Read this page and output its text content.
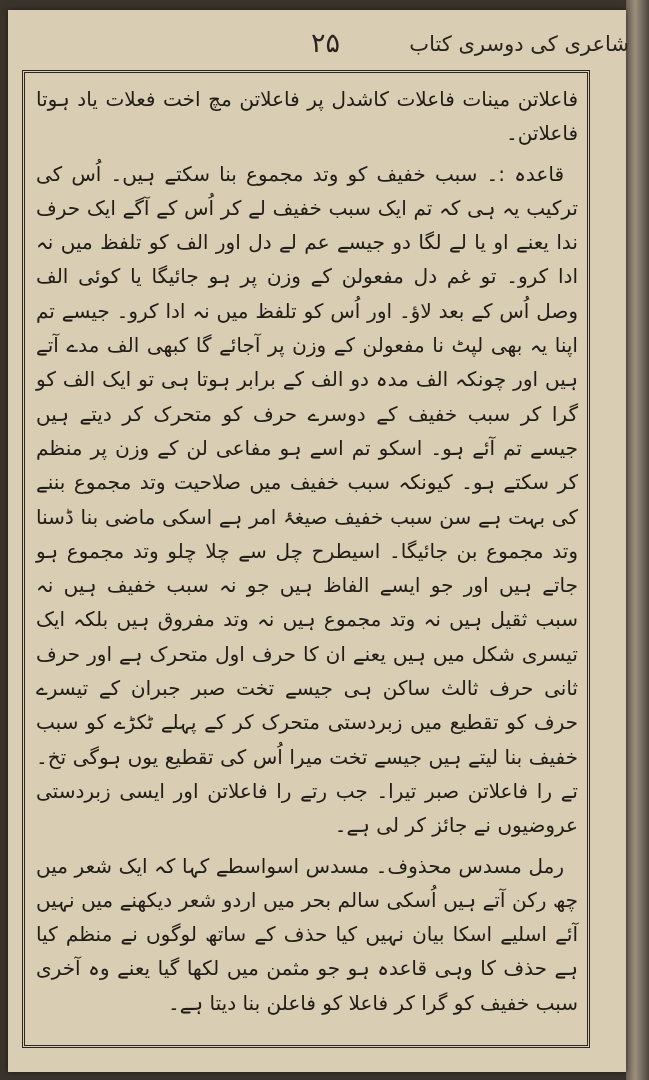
شاعری کی دوسری کتاب
۲۵

فاعلاتن مینات فاعلات کاشدل پر فاعلاتن مچ اخت فعلات یاد ہوتا فاعلاتن۔

قاعدہ :۔ سبب خفیف کو وتد مجموع بنا سکتے ہیں۔ اُس کی ترکیب یہ ہی کہ تم ایک سبب خفیف لے کر اُس کے آگے ایک حرف ندا یعنے او یا لے لگا دو جیسے عم لے دل اور الف کو تلفظ میں نہ ادا کرو۔ تو غم دل مفعولن کے وزن پر ہو جائیگا یا کوئی الف وصل اُس کے بعد لاؤ۔ اور اُس کو تلفظ میں نہ ادا کرو۔ جیسے تم اپنا یہ بھی لپٹ نا مفعولن کے وزن پر آجائے گا کبھی الف مدے آتے ہیں اور چونکہ الف مدہ دو الف کے برابر ہوتا ہی تو ایک الف کو گرا کر سبب خفیف کے دوسرے حرف کو متحرک کر دیتے ہیں جیسے تم آئے ہو۔ اسکو تم اسے ہو مفاعی لن کے وزن پر منظم کر سکتے ہو۔ کیونکہ سبب خفیف میں صلاحیت وتد مجموع بننے کی بہت ہے سن سبب خفیف صیغۂ امر ہے اسکی ماضی بنا ڈسنا وتد مجموع بن جائیگا۔ اسیطرح چل سے چلا چلو وتد مجموع ہو جاتے ہیں اور جو ایسے الفاظ ہیں جو نہ سبب خفیف ہیں نہ سبب ثقیل ہیں نہ وتد مجموع ہیں نہ وتد مفروق ہیں بلکہ ایک تیسری شکل میں ہیں یعنے ان کا حرف اول متحرک ہے اور حرف ثانی حرف ثالث ساکن ہی جیسے تخت صبر جبران کے تیسرے حرف کو تقطیع میں زبردستی متحرک کر کے پہلے ٹکڑے کو سبب خفیف بنا لیتے ہیں جیسے تخت میرا اُس کی تقطیع یوں ہوگی تخ۔ تے را فاعلاتن صبر تیرا۔ جب رتے را فاعلاتن اور ایسی زبردستی عروضیوں نے جائز کر لی ہے۔

رمل مسدس محذوف۔ مسدس اسواسطے کہا کہ ایک شعر میں چھ رکن آتے ہیں اُسکی سالم بحر میں اردو شعر دیکھنے میں نہیں آئے اسلیے اسکا بیان نہیں کیا حذف کے ساتھ لوگوں نے منظم کیا ہے حذف کا وہی قاعدہ ہو جو مثمن میں لکھا گیا یعنے وہ آخری سبب خفیف کو گرا کر فاعلا کو فاعلن بنا دیتا ہے۔
